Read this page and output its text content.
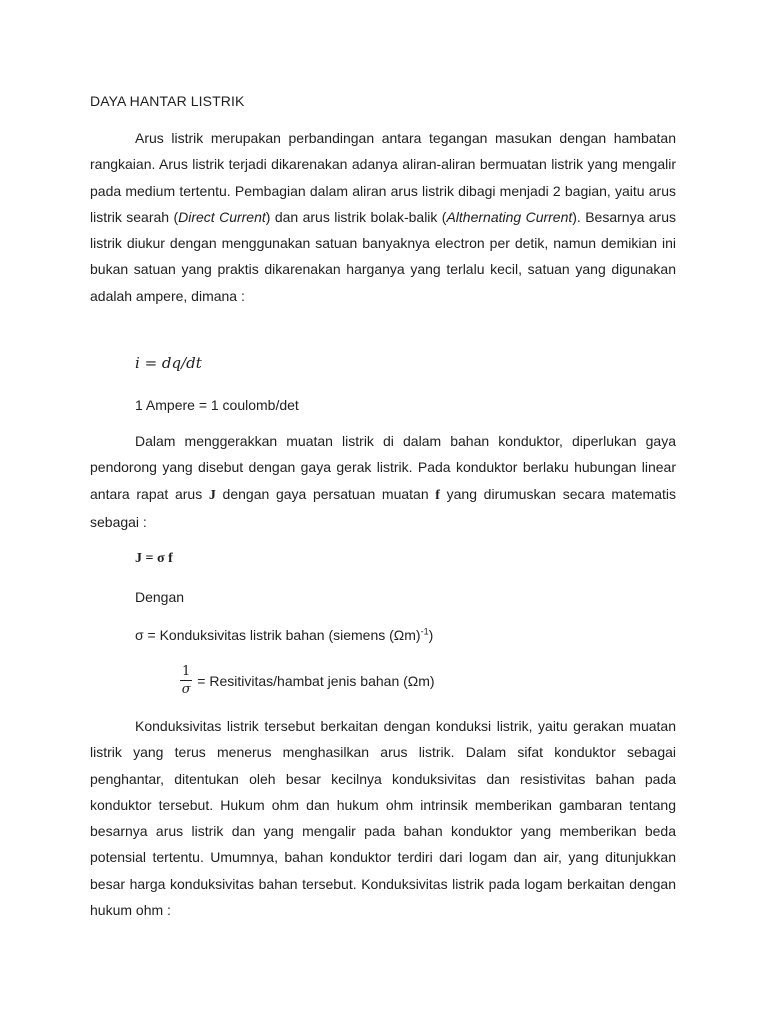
DAYA HANTAR LISTRIK

Arus listrik merupakan perbandingan antara tegangan masukan dengan hambatan rangkaian. Arus listrik terjadi dikarenakan adanya aliran-aliran bermuatan listrik yang mengalir pada medium tertentu. Pembagian dalam aliran arus listrik dibagi menjadi 2 bagian, yaitu arus listrik searah (Direct Current) dan arus listrik bolak-balik (Althernating Current). Besarnya arus listrik diukur dengan menggunakan satuan banyaknya electron per detik, namun demikian ini bukan satuan yang praktis dikarenakan harganya yang terlalu kecil, satuan yang digunakan adalah ampere, dimana :

i = dq/dt
1 Ampere = 1 coulomb/det

Dalam menggerakkan muatan listrik di dalam bahan konduktor, diperlukan gaya pendorong yang disebut dengan gaya gerak listrik. Pada konduktor berlaku hubungan linear antara rapat arus J dengan gaya persatuan muatan f yang dirumuskan secara matematis sebagai :

J = σ f
Dengan
σ = Konduksivitas listrik bahan (siemens $(\Omega m)^{-1}$)
$\frac{1}{\sigma}$ = Resitivitas/hambat jenis bahan (Ωm)

Konduksivitas listrik tersebut berkaitan dengan konduksi listrik, yaitu gerakan muatan listrik yang terus menerus menghasilkan arus listrik. Dalam sifat konduktor sebagai penghantar, ditentukan oleh besar kecilnya konduksivitas dan resistivitas bahan pada konduktor tersebut. Hukum ohm dan hukum ohm intrinsik memberikan gambaran tentang besarnya arus listrik dan yang mengalir pada bahan konduktor yang memberikan beda potensial tertentu. Umumnya, bahan konduktor terdiri dari logam dan air, yang ditunjukkan besar harga konduksivitas bahan tersebut. Konduksivitas listrik pada logam berkaitan dengan hukum ohm :
